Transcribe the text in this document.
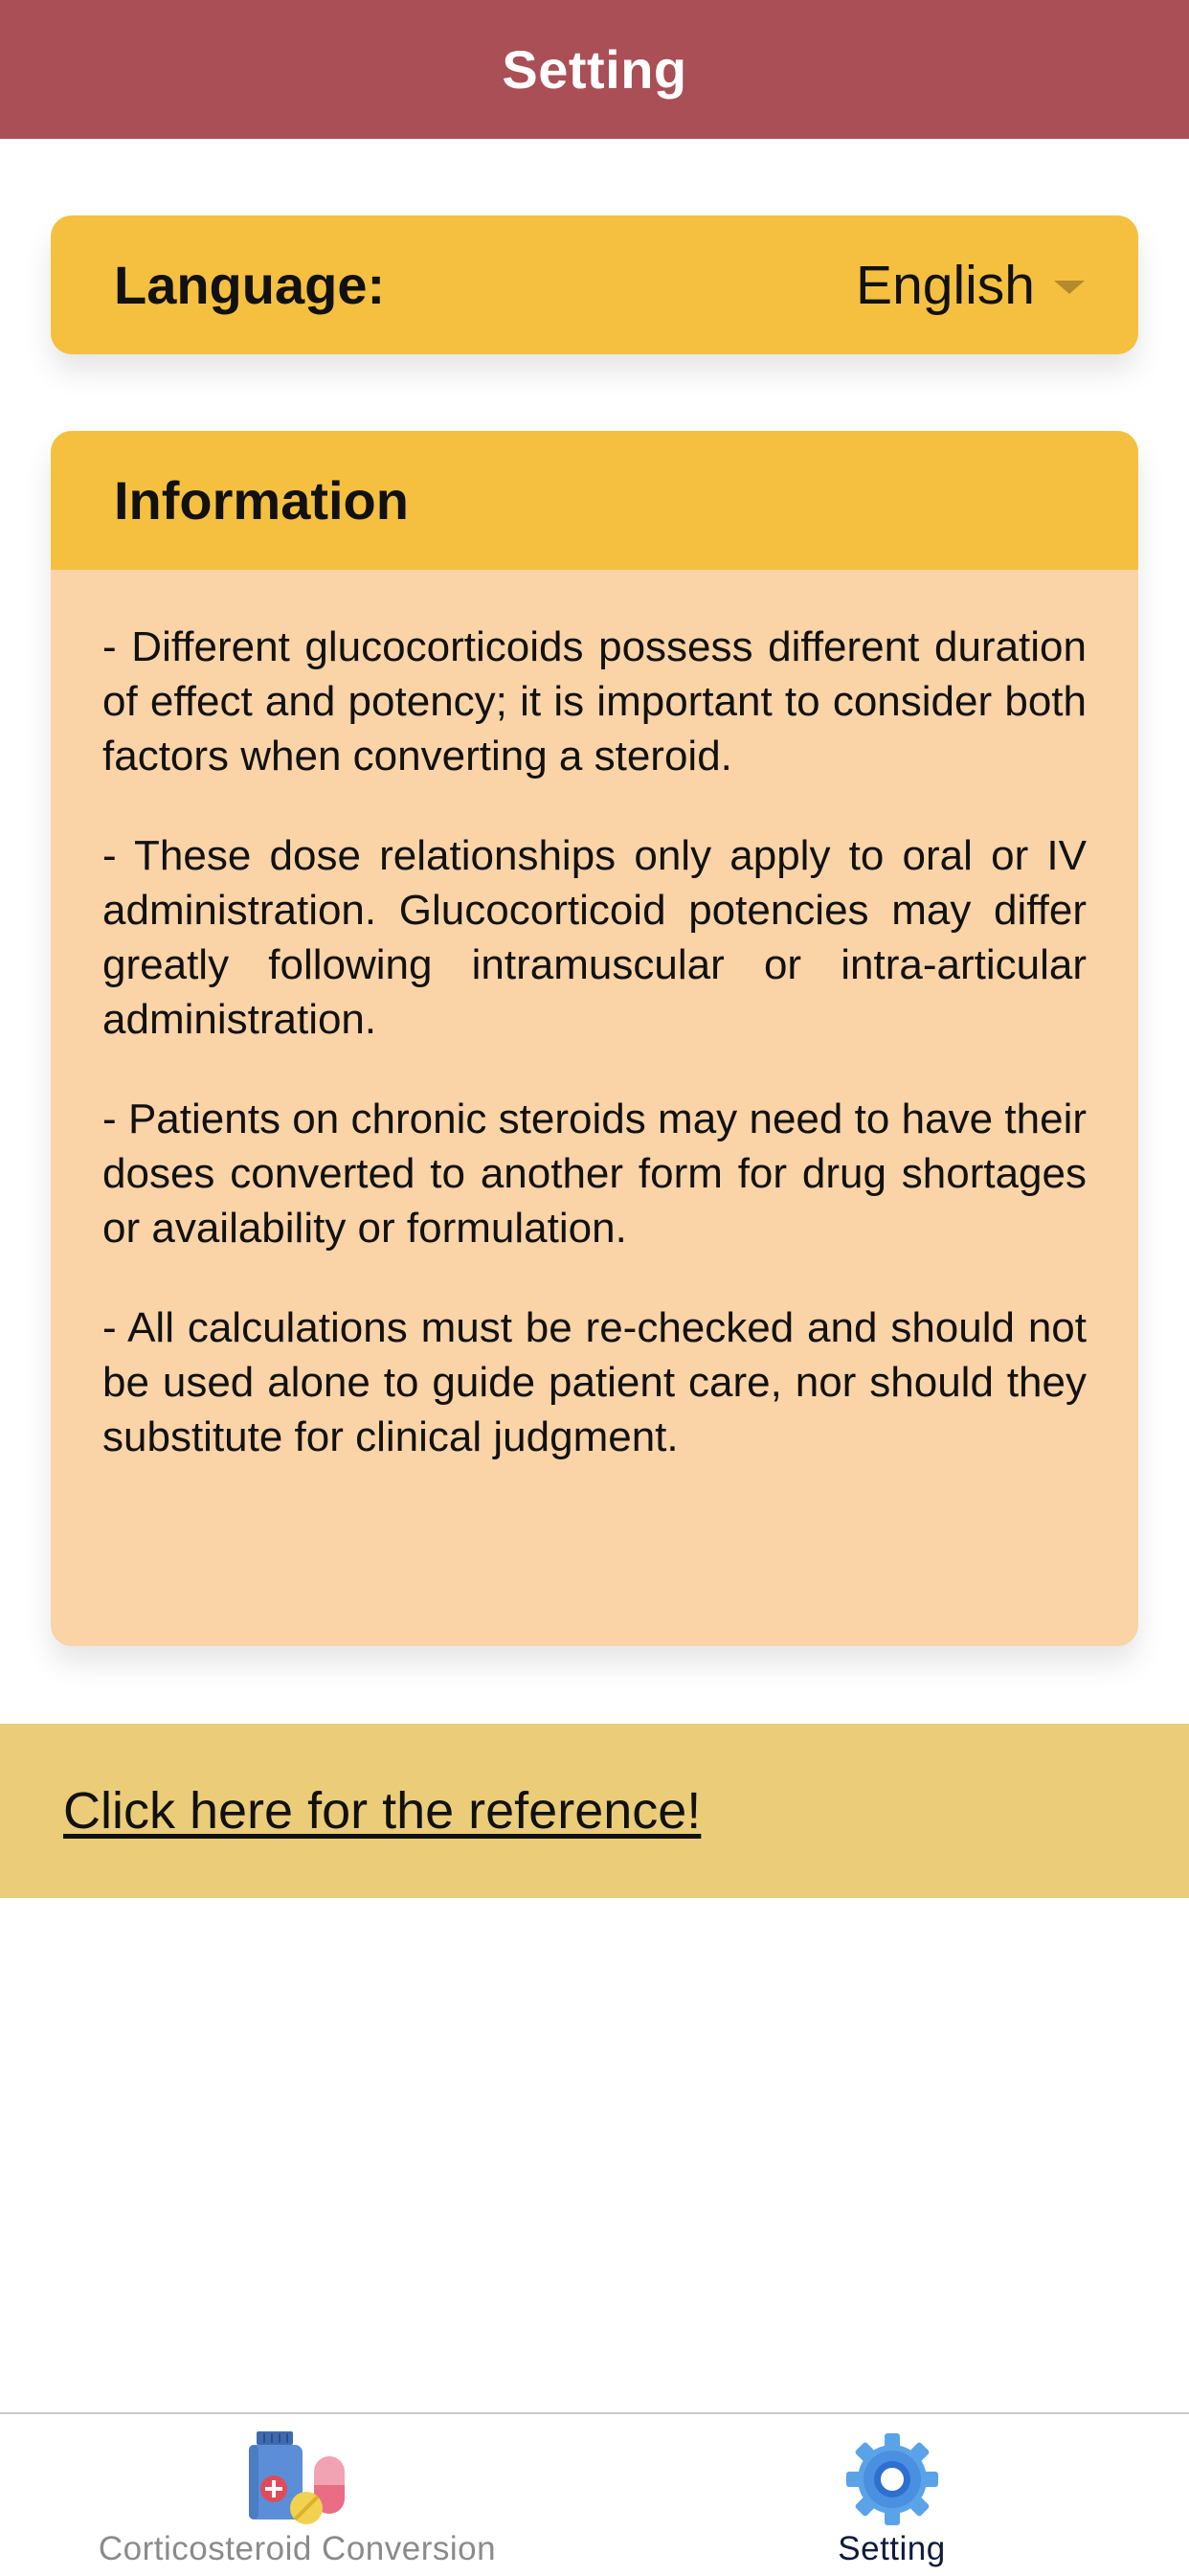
Setting
Language:	English
Information

- Different glucocorticoids possess different duration of effect and potency; it is important to consider both factors when converting a steroid.

- These dose relationships only apply to oral or IV administration. Glucocorticoid potencies may differ greatly following intramuscular or intra-articular administration.

- Patients on chronic steroids may need to have their doses converted to another form for drug shortages or availability or formulation.

- All calculations must be re-checked and should not be used alone to guide patient care, nor should they substitute for clinical judgment.

Click here for the reference!
Corticosteroid Conversion	Setting
